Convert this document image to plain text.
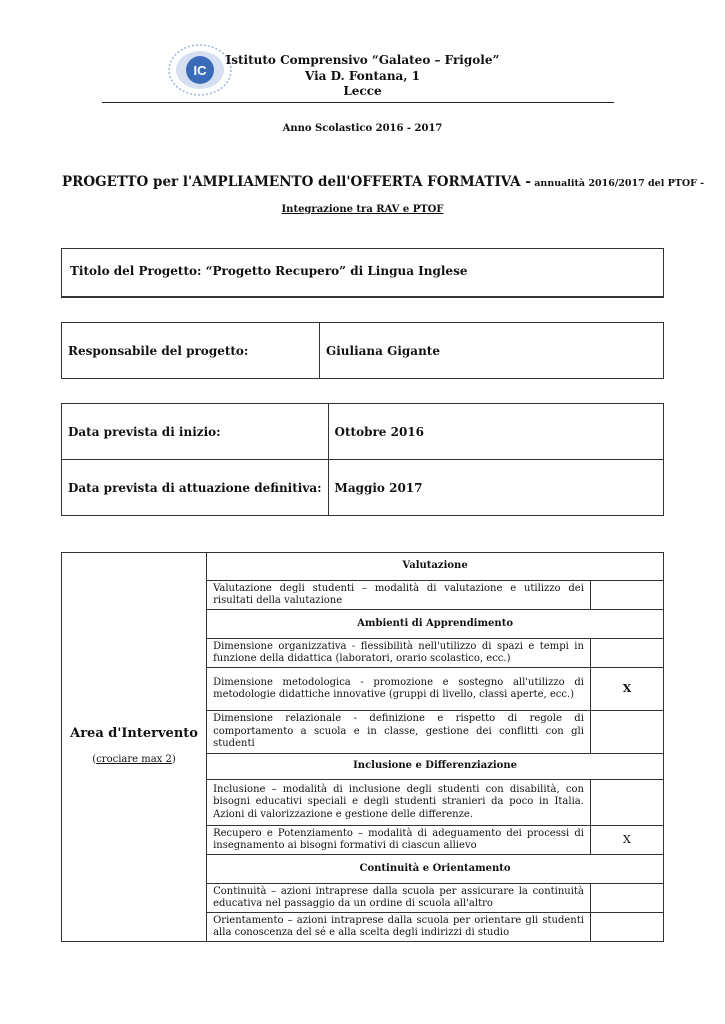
IC
Istituto Comprensivo “Galateo – Frigole”
Via D. Fontana, 1
Lecce
Anno Scolastico 2016 - 2017
PROGETTO per l'AMPLIAMENTO dell'OFFERTA FORMATIVA - annualità 2016/2017 del PTOF -
Integrazione tra RAV e PTOF
Titolo del Progetto: “Progetto Recupero” di Lingua Inglese
Responsabile del progetto:	Giuliana Gigante
Data prevista di inizio:	Ottobre 2016
Data prevista di attuazione definitiva:	Maggio 2017
Area d'Intervento
(crociare max 2)	Valutazione	
	Valutazione degli studenti – modalità di valutazione e utilizzo dei risultati della valutazione	
	Ambienti di Apprendimento	
	Dimensione organizzativa - flessibilità nell'utilizzo di spazi e tempi in funzione della didattica (laboratori, orario scolastico, ecc.)	
	Dimensione metodologica - promozione e sostegno all'utilizzo di metodologie didattiche innovative (gruppi di livello, classi aperte, ecc.)	X
	Dimensione relazionale - definizione e rispetto di regole di comportamento a scuola e in classe, gestione dei conflitti con gli studenti	
	Inclusione e Differenziazione	
	Inclusione – modalità di inclusione degli studenti con disabilità, con bisogni educativi speciali e degli studenti stranieri da poco in Italia. Azioni di valorizzazione e gestione delle differenze.	
	Recupero e Potenziamento – modalità di adeguamento dei processi di insegnamento ai bisogni formativi di ciascun allievo	X
	Continuità e Orientamento	
	Continuità – azioni intraprese dalla scuola per assicurare la continuità educativa nel passaggio da un ordine di scuola all'altro	
	Orientamento – azioni intraprese dalla scuola per orientare gli studenti alla conoscenza del sé e alla scelta degli indirizzi di studio	
